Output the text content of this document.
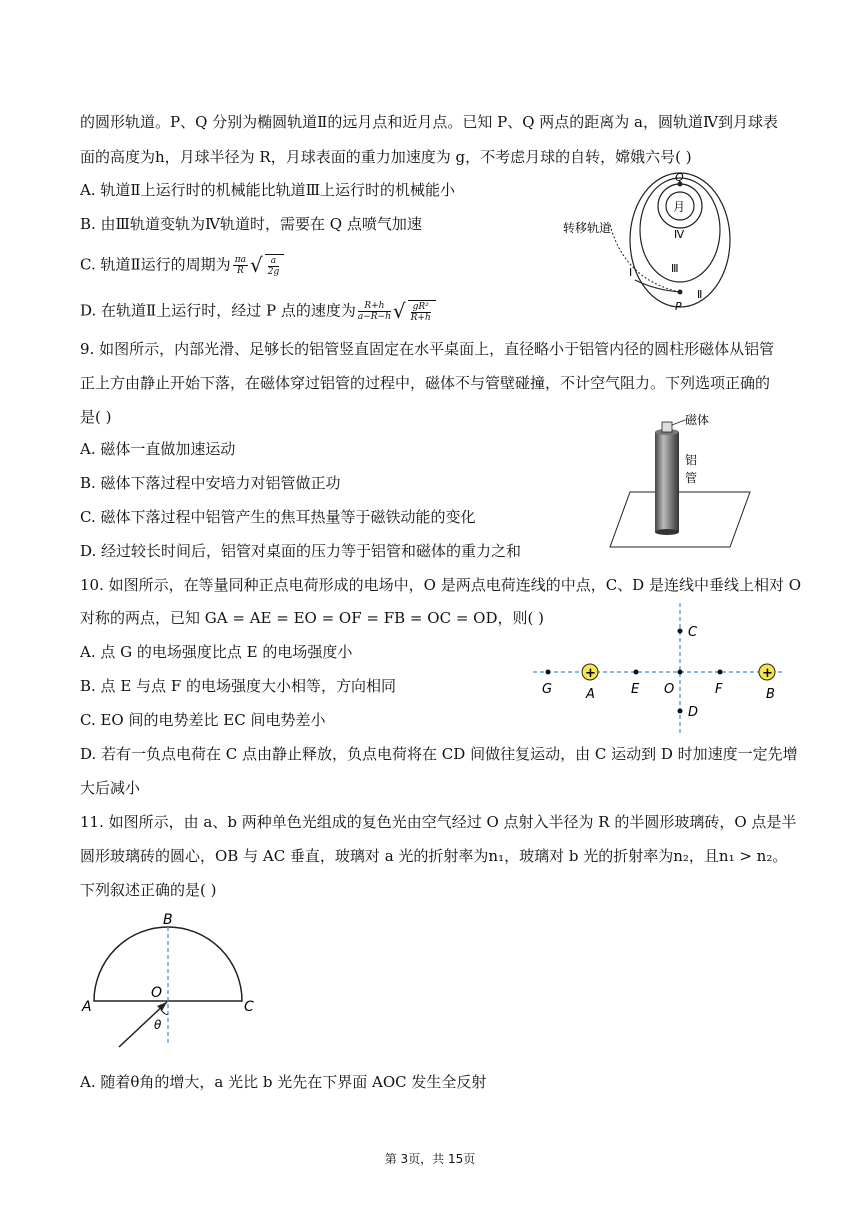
的圆形轨道。P、Q 分别为椭圆轨道Ⅱ的远月点和近月点。已知 P、Q 两点的距离为 a，圆轨道Ⅳ到月球表
面的高度为h，月球半径为 R，月球表面的重力加速度为 g，不考虑月球的自转，嫦娥六号( )
A. 轨道Ⅱ上运行时的机械能比轨道Ⅲ上运行时的机械能小
B. 由Ⅲ轨道变轨为Ⅳ轨道时，需要在 Q 点喷气加速
C. 轨道Ⅱ运行的周期为 $\frac{\pi a}{R}$ √ $\frac{a}{2g}$
D. 在轨道Ⅱ上运行时，经过 P 点的速度为 $\frac{R+h}{a-R-h}$ √ $\frac{\text{gR²}}{R+h}$
Q
月
Ⅳ
Ⅲ
Ⅰ
Ⅱ
P
转移轨道
9. 如图所示，内部光滑、足够长的铝管竖直固定在水平桌面上，直径略小于铝管内径的圆柱形磁体从铝管
正上方由静止开始下落，在磁体穿过铝管的过程中，磁体不与管壁碰撞，不计空气阻力。下列选项正确的
是( )
A. 磁体一直做加速运动
B. 磁体下落过程中安培力对铝管做正功
C. 磁体下落过程中铝管产生的焦耳热量等于磁铁动能的变化
D. 经过较长时间后，铝管对桌面的压力等于铝管和磁体的重力之和
磁体
铝
管
10. 如图所示，在等量同种正点电荷形成的电场中，O 是两点电荷连线的中点，C、D 是连线中垂线上相对 O
对称的两点，已知 GA = AE = EO = OF = FB = OC = OD，则( )
A. 点 G 的电场强度比点 E 的电场强度小
B. 点 E 与点 F 的电场强度大小相等，方向相同
C. EO 间的电势差比 EC 间电势差小
D. 若有一负点电荷在 C 点由静止释放，负点电荷将在 CD 间做往复运动，由 C 运动到 D 时加速度一定先增
大后减小
+	+
G	A	E O	F	B
C
D
11. 如图所示，由 a、b 两种单色光组成的复色光由空气经过 O 点射入半径为 R 的半圆形玻璃砖，O 点是半
圆形玻璃砖的圆心，OB 与 AC 垂直，玻璃对 a 光的折射率为n₁，玻璃对 b 光的折射率为n₂，且n₁ > n₂。
下列叙述正确的是( )
A
B
C
O
θ
A. 随着θ角的增大，a 光比 b 光先在下界面 AOC 发生全反射
第 3页，共 15页
